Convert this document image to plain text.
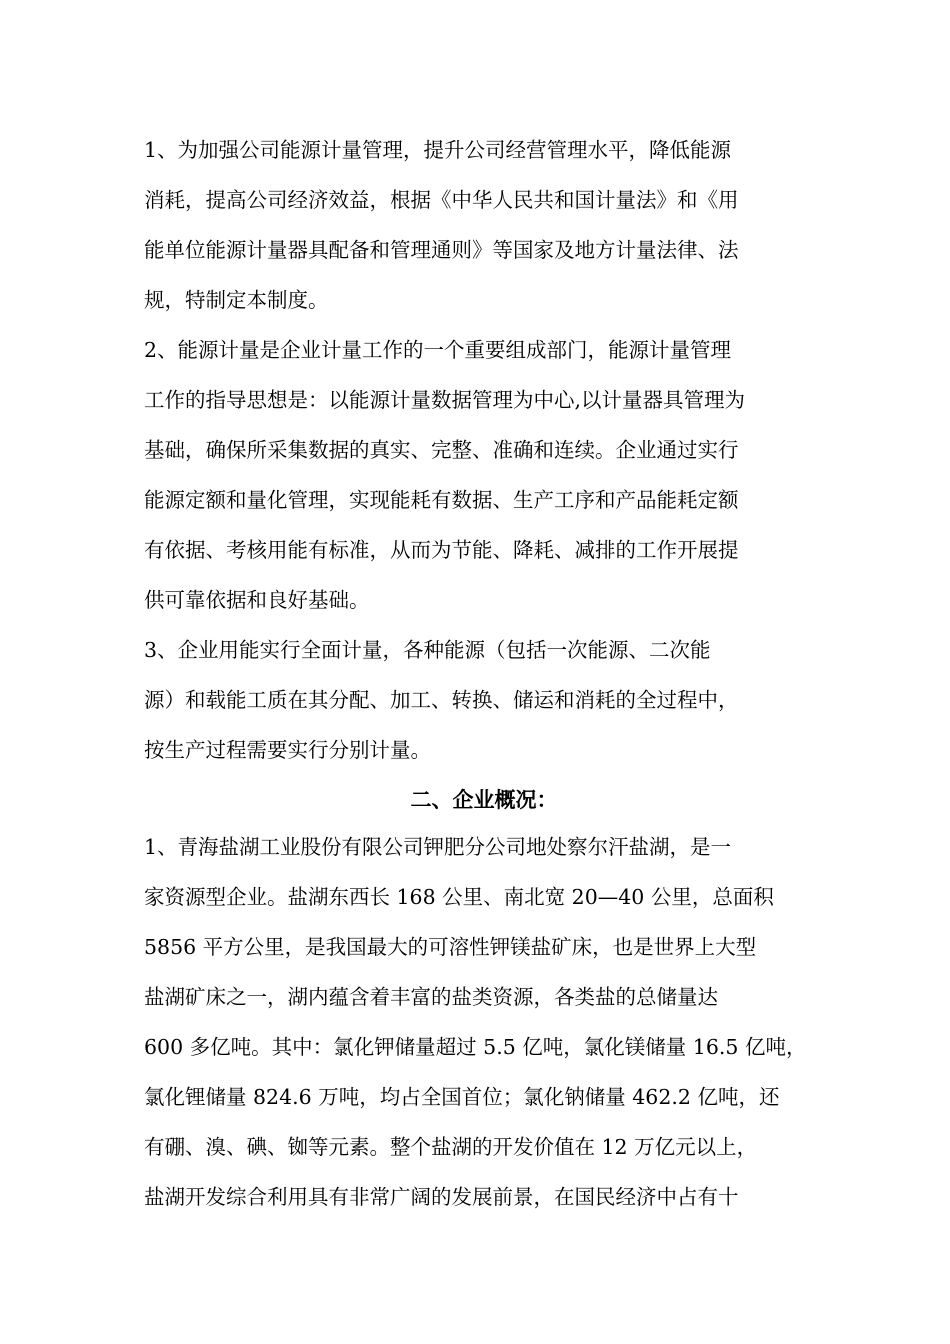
1、为加强公司能源计量管理，提升公司经营管理水平，降低能源
消耗，提高公司经济效益，根据《中华人民共和国计量法》和《用
能单位能源计量器具配备和管理通则》等国家及地方计量法律、法
规，特制定本制度。
2、能源计量是企业计量工作的一个重要组成部门，能源计量管理
工作的指导思想是：以能源计量数据管理为中心,以计量器具管理为
基础，确保所采集数据的真实、完整、准确和连续。企业通过实行
能源定额和量化管理，实现能耗有数据、生产工序和产品能耗定额
有依据、考核用能有标准，从而为节能、降耗、减排的工作开展提
供可靠依据和良好基础。
3、企业用能实行全面计量，各种能源（包括一次能源、二次能
源）和载能工质在其分配、加工、转换、储运和消耗的全过程中，
按生产过程需要实行分别计量。
二、企业概况：
1、青海盐湖工业股份有限公司钾肥分公司地处察尔汗盐湖，是一
家资源型企业。盐湖东西长 168 公里、南北宽 20—40 公里，总面积
5856 平方公里，是我国最大的可溶性钾镁盐矿床，也是世界上大型
盐湖矿床之一，湖内蕴含着丰富的盐类资源，各类盐的总储量达
600 多亿吨。其中：氯化钾储量超过 5.5 亿吨，氯化镁储量 16.5 亿吨，
氯化锂储量 824.6 万吨，均占全国首位；氯化钠储量 462.2 亿吨，还
有硼、溴、碘、铷等元素。整个盐湖的开发价值在 12 万亿元以上，
盐湖开发综合利用具有非常广阔的发展前景，在国民经济中占有十
